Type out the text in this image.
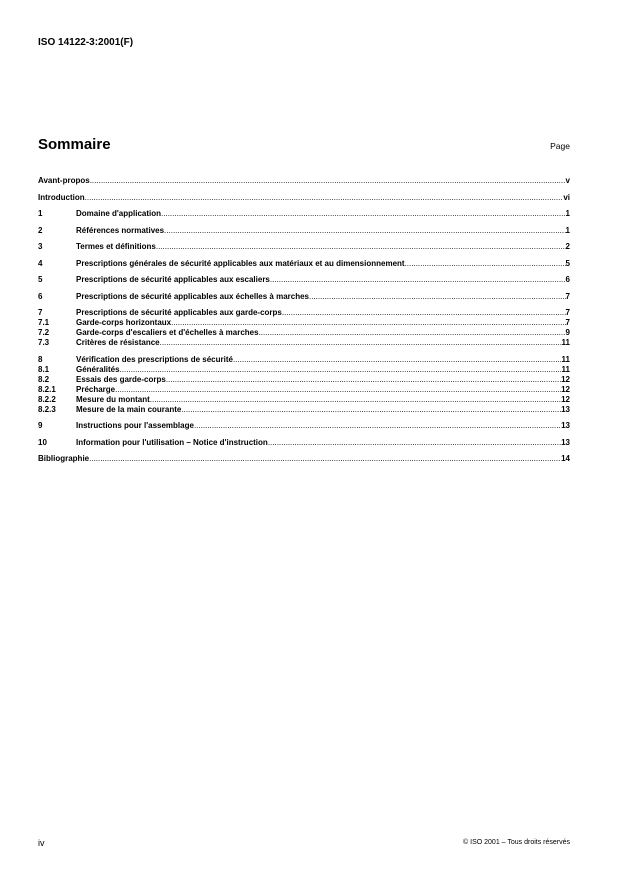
ISO 14122-3:2001(F)
Sommaire	Page
Avant-propos .....	v
Introduction .....	vi
1	Domaine d'application .....	1
2	Références normatives .....	1
3	Termes et définitions .....	2
4	Prescriptions générales de sécurité applicables aux matériaux et au dimensionnement .....	5
5	Prescriptions de sécurité applicables aux escaliers .....	6
6	Prescriptions de sécurité applicables aux échelles à marches .....	7
7	Prescriptions de sécurité applicables aux garde-corps .....	7
7.1	Garde-corps horizontaux .....	7
7.2	Garde-corps d'escaliers et d'échelles à marches .....	9
7.3	Critères de résistance .....	11
8	Vérification des prescriptions de sécurité .....	11
8.1	Généralités .....	11
8.2	Essais des garde-corps .....	12
8.2.1	Précharge .....	12
8.2.2	Mesure du montant .....	12
8.2.3	Mesure de la main courante .....	13
9	Instructions pour l'assemblage .....	13
10	Information pour l'utilisation – Notice d'instruction .....	13
Bibliographie .....	14
iv	© ISO 2001 – Tous droits réservés
